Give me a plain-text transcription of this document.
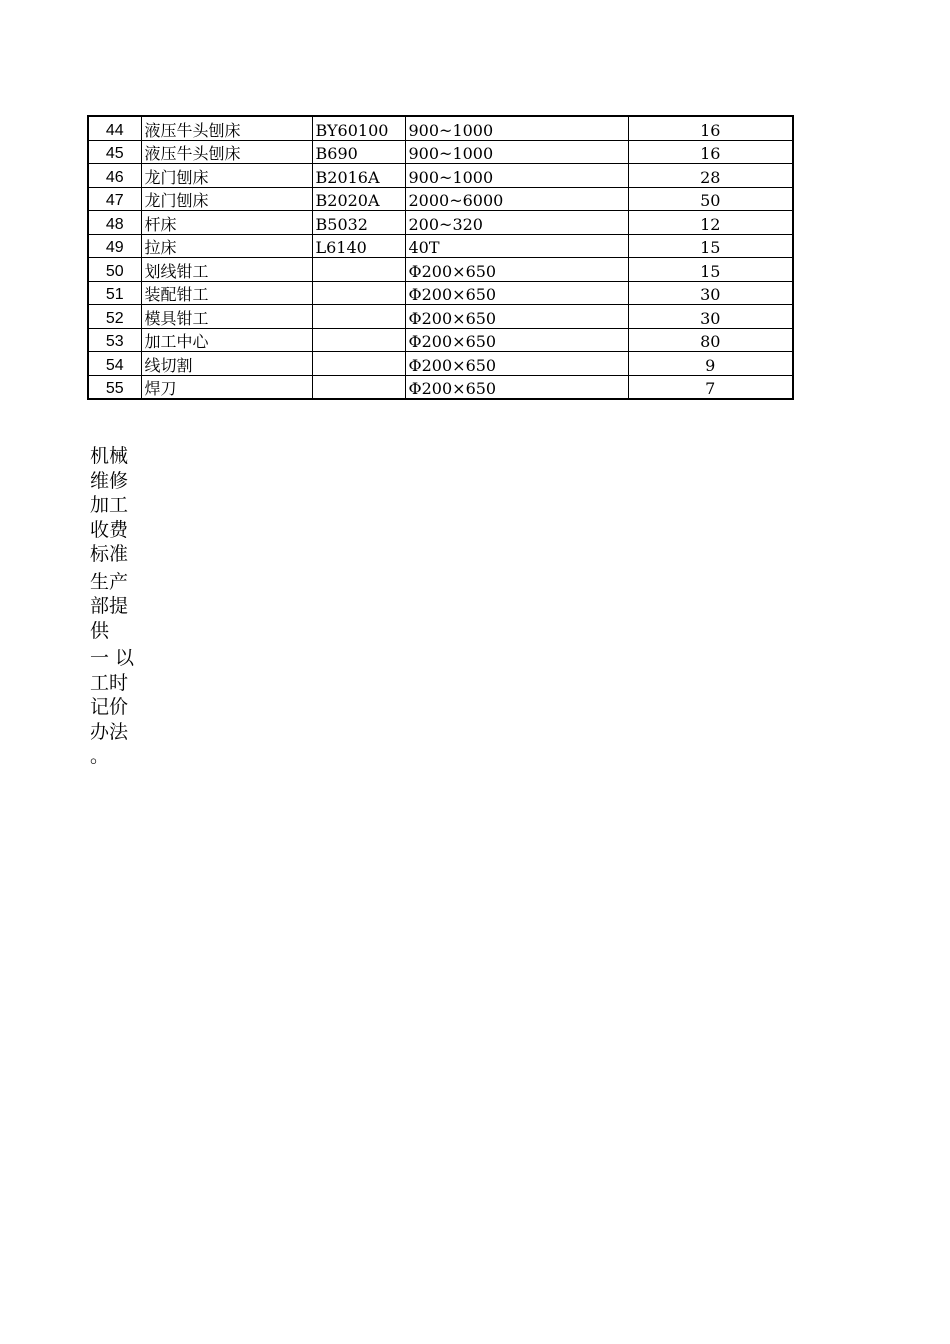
44	液压牛头刨床	BY60100	900~1000	16
45	液压牛头刨床	B690	900~1000	16
46	龙门刨床	B2016A	900~1000	28
47	龙门刨床	B2020A	2000~6000	50
48	杆床	B5032	200~320	12
49	拉床	L6140	40T	15
50	划线钳工		Φ200×650	15
51	装配钳工		Φ200×650	30
52	模具钳工		Φ200×650	30
53	加工中心		Φ200×650	80
54	线切割		Φ200×650	9
55	焊刀		Φ200×650	7
机械
维修
加工
收费
标准
生产
部提
供
一 以
工时
记价
办法
。
